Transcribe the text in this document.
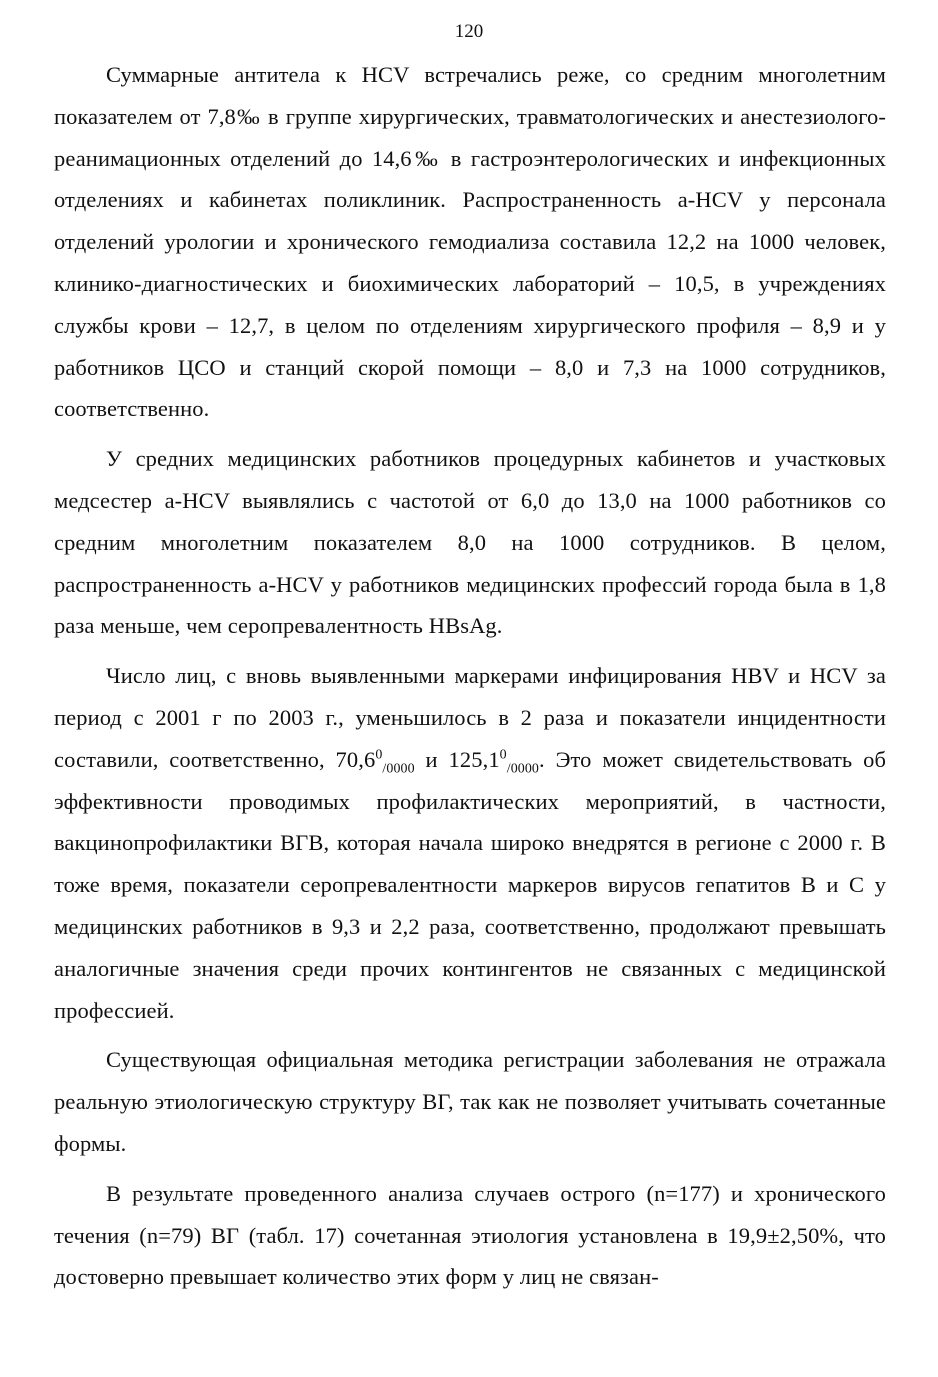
120

Суммарные антитела к HCV встречались реже, со средним многолетним показателем от 7,8‰ в группе хирургических, травматологических и анестезиолого-реанимационных отделений до 14,6‰ в гастроэнтерологических и инфекционных отделениях и кабинетах поликлиник. Распространенность a-HCV у персонала отделений урологии и хронического гемодиализа составила 12,2 на 1000 человек, клинико-диагностических и биохимических лабораторий – 10,5, в учреждениях службы крови – 12,7, в целом по отделениям хирургического профиля – 8,9 и у работников ЦСО и станций скорой помощи – 8,0 и 7,3 на 1000 сотрудников, соответственно.

У средних медицинских работников процедурных кабинетов и участковых медсестер a-HCV выявлялись с частотой от 6,0 до 13,0 на 1000 работников со средним многолетним показателем 8,0 на 1000 сотрудников. В целом, распространенность a-HCV у работников медицинских профессий города была в 1,8 раза меньше, чем серопревалентность HBsAg.

Число лиц, с вновь выявленными маркерами инфицирования HBV и HCV за период с 2001 г по 2003 г., уменьшилось в 2 раза и показатели инцидентности составили, соответственно, $70,6^0_{/0000}$ и $125,1^0_{/0000}$. Это может свидетельствовать об эффективности проводимых профилактических мероприятий, в частности, вакцинопрофилактики ВГВ, которая начала широко внедрятся в регионе с 2000 г. В тоже время, показатели серопревалентности маркеров вирусов гепатитов B и C у медицинских работников в 9,3 и 2,2 раза, соответственно, продолжают превышать аналогичные значения среди прочих контингентов не связанных с медицинской профессией.

Существующая официальная методика регистрации заболевания не отражала реальную этиологическую структуру ВГ, так как не позволяет учитывать сочетанные формы.

В результате проведенного анализа случаев острого (n=177) и хронического течения (n=79) ВГ (табл. 17) сочетанная этиология установлена в 19,9±2,50%, что достоверно превышает количество этих форм у лиц не связан-
